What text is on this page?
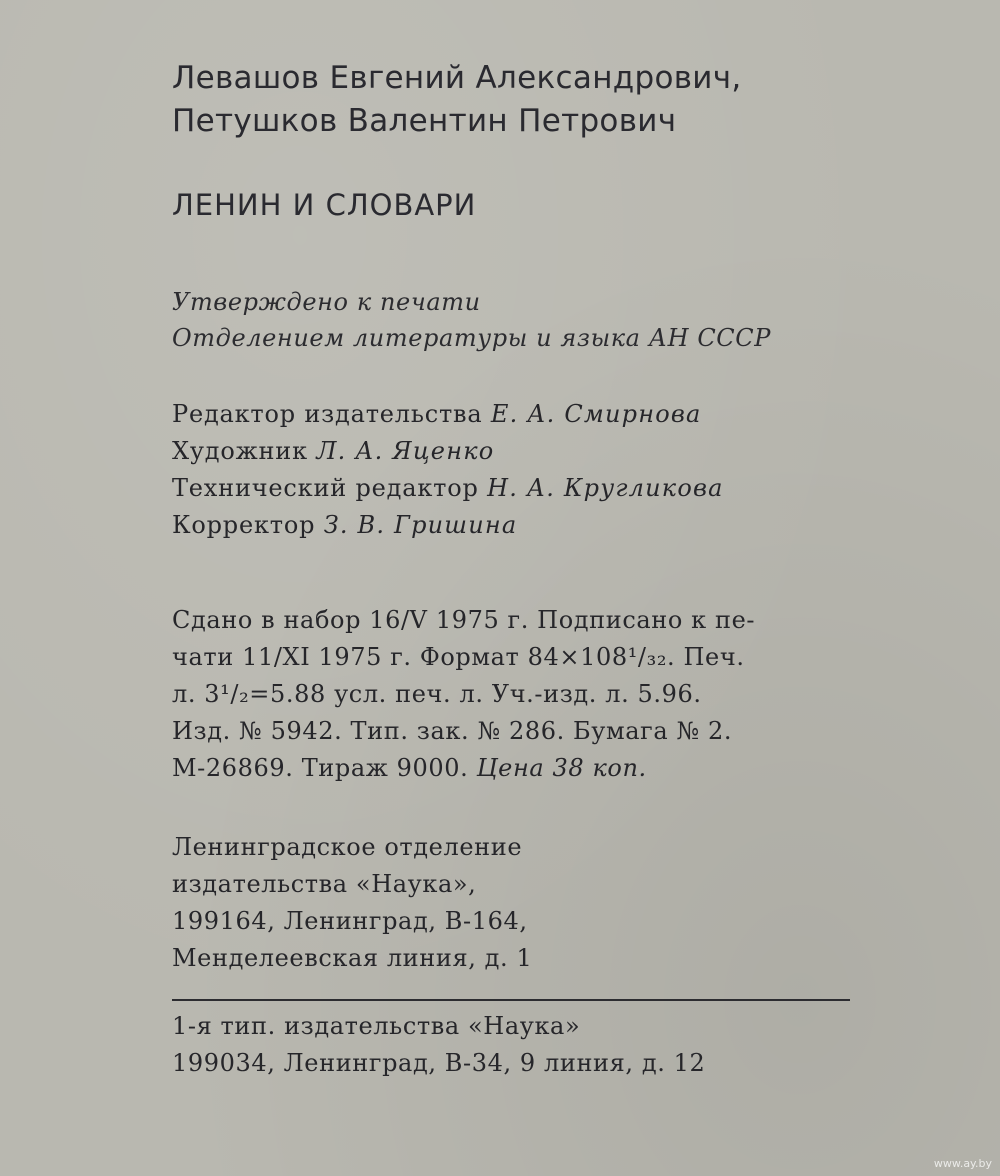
Левашов Евгений Александрович,
Петушков Валентин Петрович
ЛЕНИН И СЛОВАРИ
Утверждено к печати
Отделением литературы и языка АН СССР
Редактор издательства Е. А. Смирнова
Художник Л. А. Яценко
Технический редактор Н. А. Кругликова
Корректор З. В. Гришина
Сдано в набор 16/V 1975 г. Подписано к пе-
чати 11/XI 1975 г. Формат 84×108¹/₃₂. Печ.
л. 3¹/₂=5.88 усл. печ. л. Уч.-изд. л. 5.96.
Изд. № 5942. Тип. зак. № 286. Бумага № 2.
М-26869. Тираж 9000. Цена 38 коп.
Ленинградское отделение
издательства «Наука»,
199164, Ленинград, В-164,
Менделеевская линия, д. 1
1-я тип. издательства «Наука»
199034, Ленинград, В-34, 9 линия, д. 12
www.ay.by
